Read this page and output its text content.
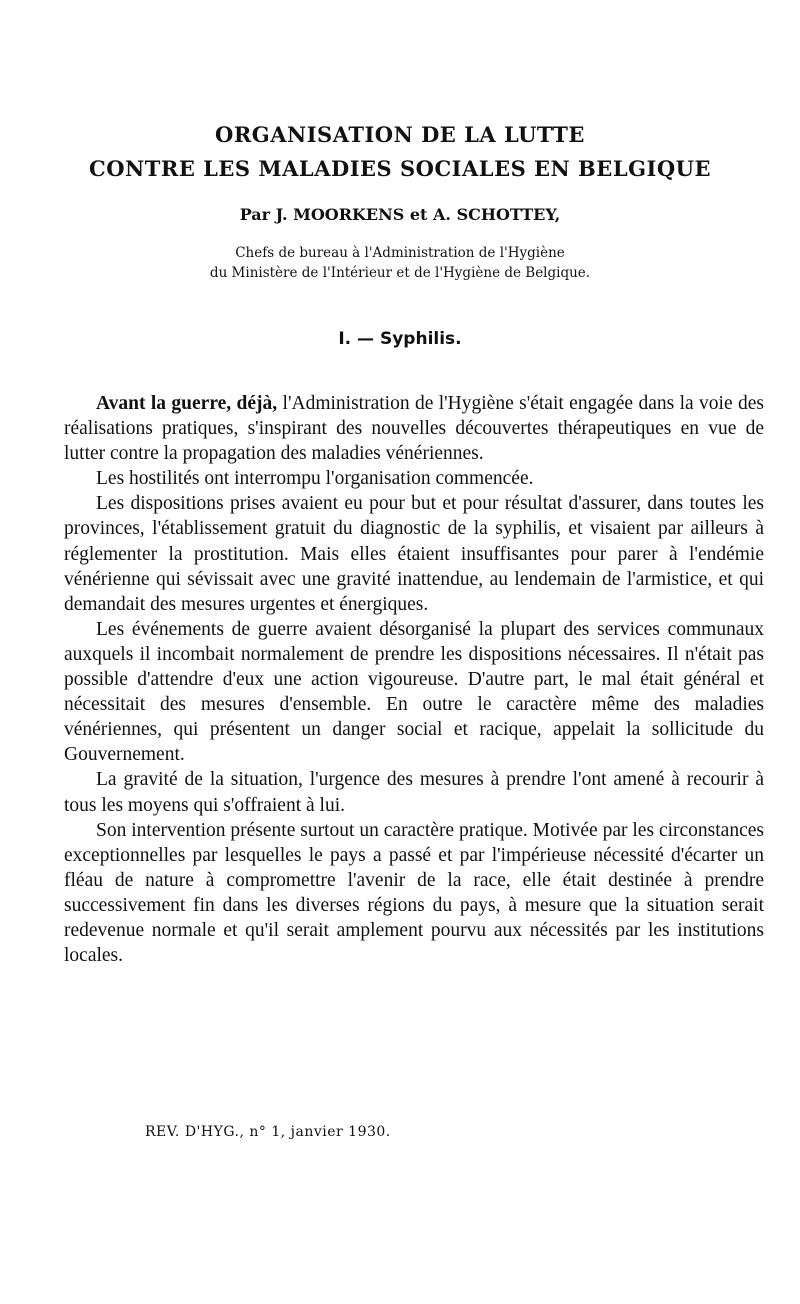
ORGANISATION DE LA LUTTE
CONTRE LES MALADIES SOCIALES EN BELGIQUE
Par J. MOORKENS et A. SCHOTTEY,
Chefs de bureau à l'Administration de l'Hygiène
du Ministère de l'Intérieur et de l'Hygiène de Belgique.
I. — Syphilis.

Avant la guerre, déjà, l'Administration de l'Hygiène s'était engagée dans la voie des réalisations pratiques, s'inspirant des nouvelles découvertes thérapeutiques en vue de lutter contre la propagation des maladies vénériennes.

Les hostilités ont interrompu l'organisation commencée.

Les dispositions prises avaient eu pour but et pour résultat d'assurer, dans toutes les provinces, l'établissement gratuit du diagnostic de la syphilis, et visaient par ailleurs à réglementer la prostitution. Mais elles étaient insuffisantes pour parer à l'endémie vénérienne qui sévissait avec une gravité inattendue, au lendemain de l'armistice, et qui demandait des mesures urgentes et énergiques.

Les événements de guerre avaient désorganisé la plupart des services communaux auxquels il incombait normalement de prendre les dispositions nécessaires. Il n'était pas possible d'attendre d'eux une action vigoureuse. D'autre part, le mal était général et nécessitait des mesures d'ensemble. En outre le caractère même des maladies vénériennes, qui présentent un danger social et racique, appelait la sollicitude du Gouvernement.

La gravité de la situation, l'urgence des mesures à prendre l'ont amené à recourir à tous les moyens qui s'offraient à lui.

Son intervention présente surtout un caractère pratique. Motivée par les circonstances exceptionnelles par lesquelles le pays a passé et par l'impérieuse nécessité d'écarter un fléau de nature à compromettre l'avenir de la race, elle était destinée à prendre successivement fin dans les diverses régions du pays, à mesure que la situation serait redevenue normale et qu'il serait amplement pourvu aux nécessités par les institutions locales.

REV. D'HYG., n° 1, janvier 1930.
